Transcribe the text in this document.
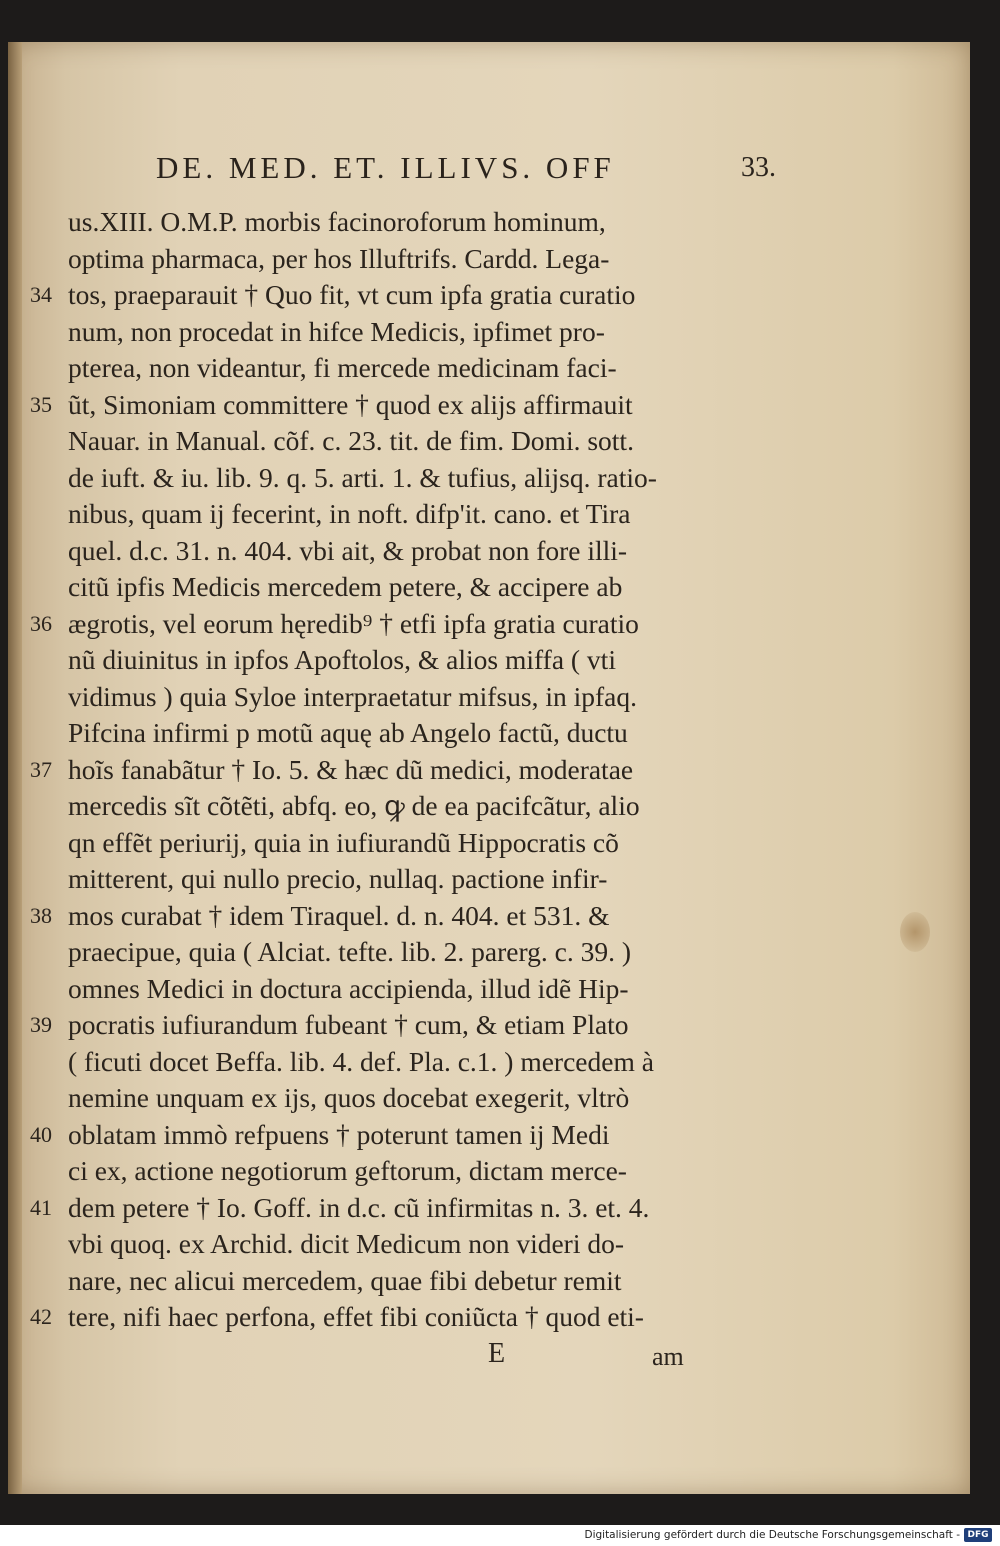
DE. MED. ET. ILLIVS. OFF	33.
us.XIII. O.M.P. morbis facinoroforum hominum,
optima pharmaca, per hos Illuftrifs. Cardd. Lega-
34 tos, praeparauit † Quo fit, vt cum ipfa gratia curatio
num, non procedat in hifce Medicis, ipfimet pro-
pterea, non videantur, fi mercede medicinam faci-
35 ũt, Simoniam committere † quod ex alijs affirmauit
Nauar. in Manual. cõf. c. 23. tit. de fim. Domi. sott.
de iuft. & iu. lib. 9. q. 5. arti. 1. & tufius, alijsq. ratio-
nibus, quam ij fecerint, in noft. difp'it. cano. et Tira
quel. d.c. 31. n. 404. vbi ait, & probat non fore illi-
citũ ipfis Medicis mercedem petere, & accipere ab
36 ægrotis, vel eorum hęredib⁹ † etfi ipfa gratia curatio
nũ diuinitus in ipfos Apoftolos, & alios miffa ( vti
vidimus ) quia Syloe interpraetatur mifsus, in ipfaq.
Pifcina infirmi p motũ aquę ab Angelo factũ, ductu
37 hoĩs fanabãtur † Io. 5. & hæc dũ medici, moderatae
mercedis sĩt cõtẽti, abfq. eo, ꝙ de ea pacifcãtur, alio
qn effẽt periurij, quia in iufiurandũ Hippocratis cõ
mitterent, qui nullo precio, nullaq. pactione infir-
38 mos curabat † idem Tiraquel. d. n. 404. et 531. &
praecipue, quia ( Alciat. tefte. lib. 2. parerg. c. 39. )
omnes Medici in doctura accipienda, illud idẽ Hip-
39 pocratis iufiurandum fubeant † cum, & etiam Plato
( ficuti docet Beffa. lib. 4. def. Pla. c.1. ) mercedem à
nemine unquam ex ijs, quos docebat exegerit, vltrò
40 oblatam immò refpuens † poterunt tamen ij Medi
ci ex, actione negotiorum geftorum, dictam merce-
41 dem petere † Io. Goff. in d.c. cũ infirmitas n. 3. et. 4.
vbi quoq. ex Archid. dicit Medicum non videri do-
nare, nec alicui mercedem, quae fibi debetur remit
42 tere, nifi haec perfona, effet fibi coniũcta † quod eti-
E	am
Digitalisierung gefördert durch die Deutsche Forschungsgemeinschaft - DFG
